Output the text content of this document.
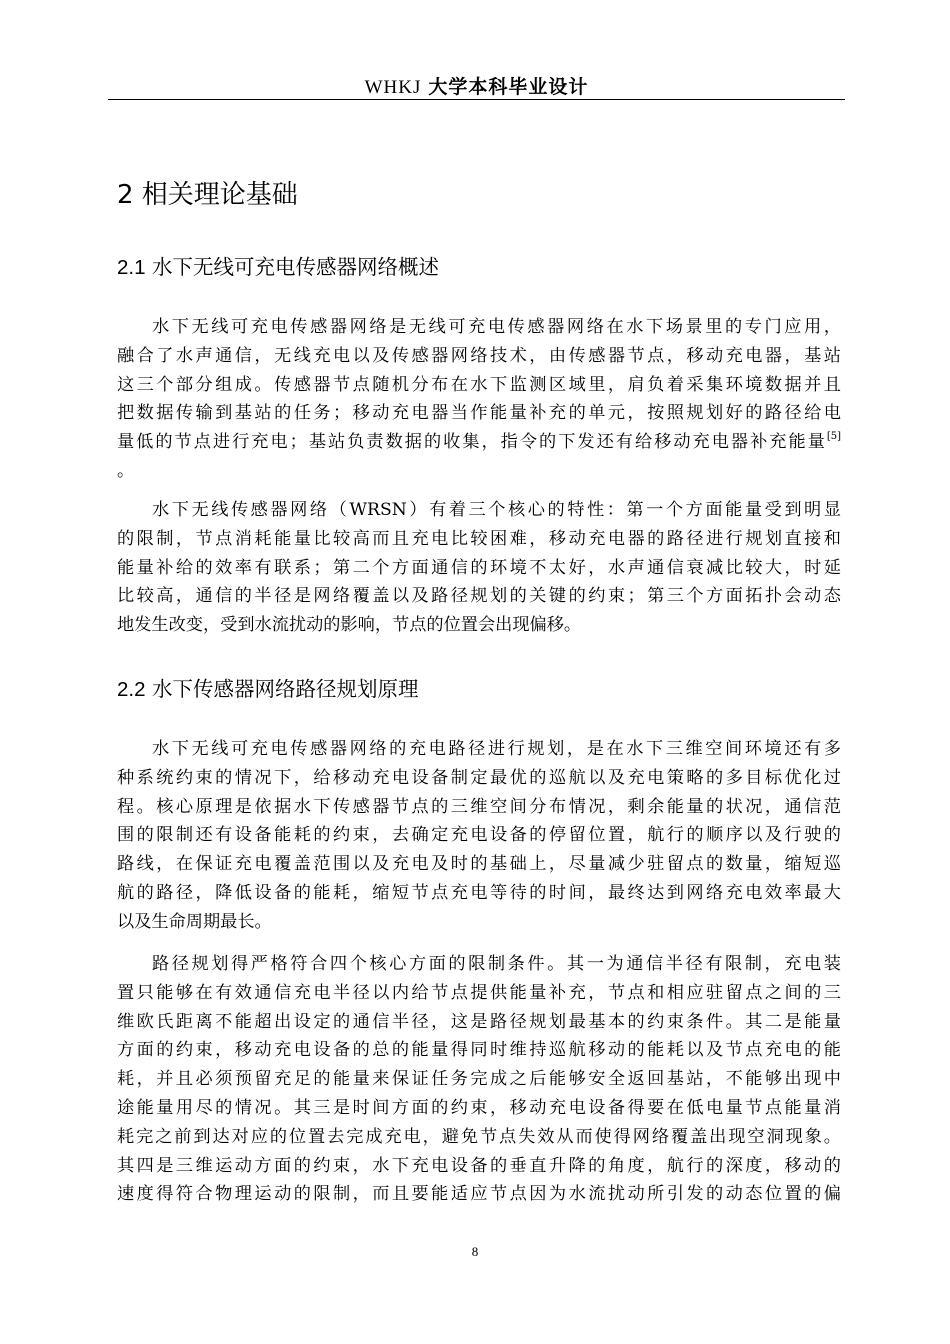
WHKJ 大学本科毕业设计
2 相关理论基础
2.1 水下无线可充电传感器网络概述
水下无线可充电传感器网络是无线可充电传感器网络在水下场景里的专门应用，
融合了水声通信，无线充电以及传感器网络技术，由传感器节点，移动充电器，基站
这三个部分组成。传感器节点随机分布在水下监测区域里，肩负着采集环境数据并且
把数据传输到基站的任务；移动充电器当作能量补充的单元，按照规划好的路径给电
量低的节点进行充电；基站负责数据的收集，指令的下发还有给移动充电器补充能量[5]
。
水下无线传感器网络（WRSN）有着三个核心的特性：第一个方面能量受到明显
的限制，节点消耗能量比较高而且充电比较困难，移动充电器的路径进行规划直接和
能量补给的效率有联系；第二个方面通信的环境不太好，水声通信衰减比较大，时延
比较高，通信的半径是网络覆盖以及路径规划的关键的约束；第三个方面拓扑会动态
地发生改变，受到水流扰动的影响，节点的位置会出现偏移。
2.2 水下传感器网络路径规划原理
水下无线可充电传感器网络的充电路径进行规划，是在水下三维空间环境还有多
种系统约束的情况下，给移动充电设备制定最优的巡航以及充电策略的多目标优化过
程。核心原理是依据水下传感器节点的三维空间分布情况，剩余能量的状况，通信范
围的限制还有设备能耗的约束，去确定充电设备的停留位置，航行的顺序以及行驶的
路线，在保证充电覆盖范围以及充电及时的基础上，尽量减少驻留点的数量，缩短巡
航的路径，降低设备的能耗，缩短节点充电等待的时间，最终达到网络充电效率最大
以及生命周期最长。
路径规划得严格符合四个核心方面的限制条件。其一为通信半径有限制，充电装
置只能够在有效通信充电半径以内给节点提供能量补充，节点和相应驻留点之间的三
维欧氏距离不能超出设定的通信半径，这是路径规划最基本的约束条件。其二是能量
方面的约束，移动充电设备的总的能量得同时维持巡航移动的能耗以及节点充电的能
耗，并且必须预留充足的能量来保证任务完成之后能够安全返回基站，不能够出现中
途能量用尽的情况。其三是时间方面的约束，移动充电设备得要在低电量节点能量消
耗完之前到达对应的位置去完成充电，避免节点失效从而使得网络覆盖出现空洞现象。
其四是三维运动方面的约束，水下充电设备的垂直升降的角度，航行的深度，移动的
速度得符合物理运动的限制，而且要能适应节点因为水流扰动所引发的动态位置的偏
8
